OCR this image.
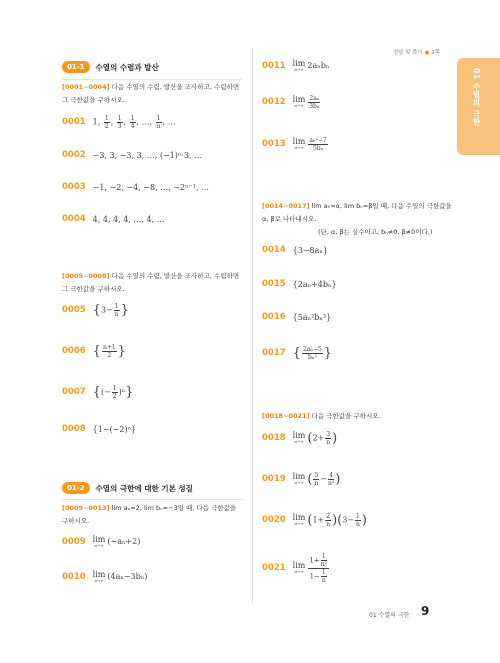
정답 및 풀이 ● 2쪽
01 수열의 극한
01-1	수열의 수렴과 발산
[0001~0004] 다음 수열의 수렴, 발산을 조사하고, 수렴하면 그 극한값을 구하시오.
0001 1, $\frac{1}{2}$ , $\frac{1}{3}$ , $\frac{1}{4}$ , …, $\frac{1}{n}$ , …
0002 −3, 3, −3, 3, …, (−1)ⁿ·3, …
0003 −1, −2, −4, −8, …, −2ⁿ⁻¹, …
0004 4, 4, 4, 4, …, 4, …
[0005~0008] 다음 수열의 수렴, 발산을 조사하고, 수렴하면 그 극한값을 구하시오.
0005 {$3- \frac{1}{n}$ }
0006 { $\frac{n+1}{2}$ }
0007 {(− $\frac{1}{2} )^n$}
0008 {1−(−2)ⁿ}
01-2	수열의 극한에 대한 기본 성질
[0009~0013] lim aₙ=2, lim bₙ=−3일 때, 다음 극한값을 구하시오.
0009 lim
n→∞ (−aₙ+2)
0010 lim
n→∞ (4aₙ−3bₙ)
0011 lim
n→∞ 2aₙbₙ
0012 lim
$n\to\infty \frac{\text{2aₙ}}{\text{3bₙ}}$
0013 lim
$n\to\infty \frac{\text{aₙ²−7}}{\text{5bₙ}}$
[0014~0017] lim aₙ=α, lim bₙ=β일 때, 다음 수열의 극한값을 α, β로 나타내시오.
(단, α, β는 실수이고, bₙ≠0, β≠0이다.)
0014 {3−8aₙ}
0015 {2aₙ+4bₙ}
0016 {5aₙ²bₙ³}
0017 { $\frac{\text{2aₙ−5}}{\text{bₙ²}}$ }
[0018~0021] 다음 극한값을 구하시오.
0018 lim
n→∞ ($2+ \frac{3}{n}$ )
0019 lim
n→∞ ( $\frac{5}{n} - \frac{4}{\text{n²}}$ )
0020 lim
n→∞ $(1+ \frac{2}{n} )(3- \frac{1}{n}$ )
0021 lim
$n\to\infty \frac{1+ \frac{1}{\text{n²}}}{1- \frac{1}{n}}$
01 수열의 극한 9
